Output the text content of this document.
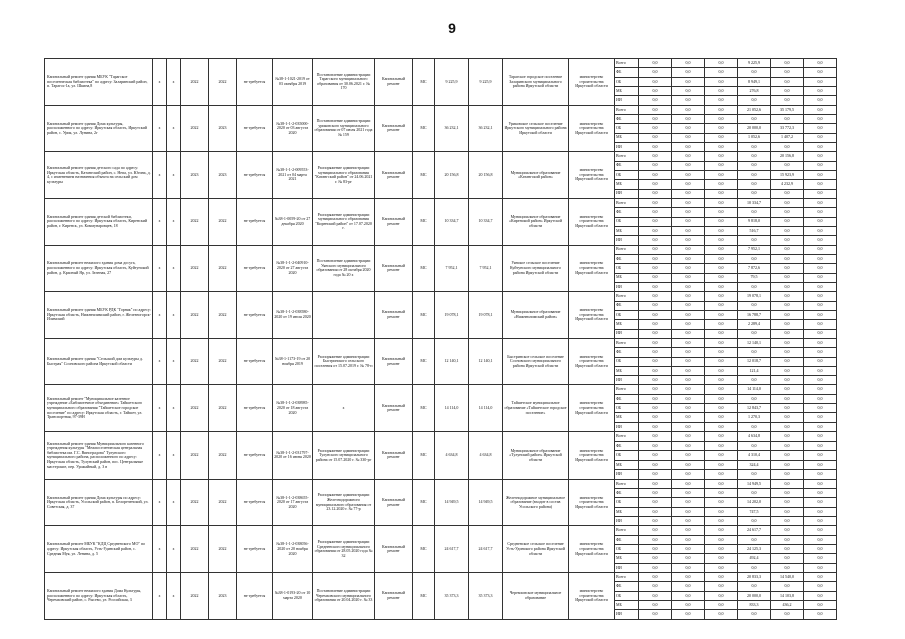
9
Капитальный ремонт здания МБУК "Тарагское поселенческая библиотека" по адресу: Заларинский район, п. Тарагсь-1а, ул. Шкина,8	х	х	2022	2022	не требуется	№38-1-1021-2019 от 03 октября 2019	Постановление администрации Тарагского муниципального образования от 30.06.2021 г. № 170	Капитальный ремонт	МС	9 225,9	9 225,9	Тарагское городское поселение Заларинского муниципального района Иркутской области	министерство строительства Иркутской области	Всего	0,0	0,0	0,0	9 225,9	0,0	0,0
														ФБ	0,0	0,0	0,0	0,0	0,0	0,0
														ОБ	0,0	0,0	0,0	8 949,1	0,0	0,0
														МБ	0,0	0,0	0,0	276,8	0,0	0,0
														ИИ	0,0	0,0	0,0	0,0	0,0	0,0
Капитальный ремонт здания Дома культуры, расположенного по адресу: Иркутская область, Иркутский район, с. Урик, ул. Лунина, 2г	х	х	2022	2023	не требуется	№38-1-1-2-035000-2020 от 03 августа 2020	Постановление администрации уриковского муниципального образования от 07 июля 2021 года № 159	Капитальный ремонт	МС	36 232,1	36 232,1	Уриковское сельское поселение Иркутского муниципального района Иркутской области	министерство строительства Иркутской области	Всего	0,0	0,0	0,0	21 052,6	35 179,5	0,0
														ФБ	0,0	0,0	0,0	0,0	0,0	0,0
														ОБ	0,0	0,0	0,0	20 000,0	33 772,3	0,0
														МБ	0,0	0,0	0,0	1 052,6	1 407,2	0,0
														ИИ	0,0	0,0	0,0	0,0	0,0	0,0
Капитальный ремонт здания детского сада по адресу: Иркутская область, Катангский район, с. Непа, ул. Югина, д. 4, с изменением назначения объекта на сельский дом культуры	х	х	2023	2023	не требуется	№38-1-1-2-009553-2021 от 04 марта 2021	Распоряжение администрации муниципального образования "Катангский район" от 24.06.2021 г. № 83-рг	Капитальный ремонт	МС	20 156,8	20 156,8	Муниципальное образование «Катангский район»	министерство строительства Иркутской области	Всего	0,0	0,0	0,0	0,0	20 156,8	0,0
														ФБ	0,0	0,0	0,0	0,0	0,0	0,0
														ОБ	0,0	0,0	0,0	0,0	15 923,9	0,0
														МБ	0,0	0,0	0,0	0,0	4 232,9	0,0
														ИИ	0,0	0,0	0,0	0,0	0,0	0,0
Капитальный ремонт здания детской библиотеки, расположенного по адресу: Иркутская область, Киренский район, г. Киренск, ул. Коммунаровцев, 18	х	х	2022	2022	не требуется	№38-1-0059-20 от 27 декабря 2020	Распоряжение администрации муниципального образования "Киренский район" от 17.07.2020 г.	Капитальный ремонт	МС	10 334,7	10 334,7	Муниципальное образование «Киренский район» Иркутской области	министерство строительства Иркутской области	Всего	0,0	0,0	0,0	10 334,7	0,0	0,0
														ФБ	0,0	0,0	0,0	0,0	0,0	0,0
														ОБ	0,0	0,0	0,0	9 818,0	0,0	0,0
														МБ	0,0	0,0	0,0	516,7	0,0	0,0
														ИИ	0,0	0,0	0,0	0,0	0,0	0,0
Капитальный ремонт нежилого здания дома досуга, расположенного по адресу: Иркутская область, Куйтунский район, д. Красный Яр, ул. Зеленая, 27	х	х	2022	2022	не требуется	№38-1-1-2-040910-2020 от 27 августа 2020	Постановление администрации Уянского муниципального образования от 28 октября 2020 года № 20 х	Капитальный ремонт	МС	7 952,1	7 952,1	Уянское сельское поселение Куйтунского муниципального района Иркутской области	министерство строительства Иркутской области	Всего	0,0	0,0	0,0	7 952,1	0,0	0,0
														ФБ	0,0	0,0	0,0	0,0	0,0	0,0
														ОБ	0,0	0,0	0,0	7 872,6	0,0	0,0
														МБ	0,0	0,0	0,0	79,5	0,0	0,0
														ИИ	0,0	0,0	0,0	0,0	0,0	0,0
Капитальный ремонт здания МБУК РДК "Горняк" по адресу: Иркутская область, Нижнеилимский район, г. Железногорск-Илимский	х	х	2022	2022	не требуется	№38-1-1-2-038580-2020 от 19 июля 2020		Капитальный ремонт	МС	19 078,1	19 078,1	Муниципальное образование «Нижнеилимский район»	министерство строительства Иркутской области	Всего	0,0	0,0	0,0	19 078,1	0,0	0,0
														ФБ	0,0	0,0	0,0	0,0	0,0	0,0
														ОБ	0,0	0,0	0,0	16 788,7	0,0	0,0
														МБ	0,0	0,0	0,0	2 289,4	0,0	0,0
														ИИ	0,0	0,0	0,0	0,0	0,0	0,0
Капитальный ремонт здания "Сельский дом культуры д. Быстрая" Сосновского района Иркутской области	х	х	2022	2022	не требуется	№38-1-1173-19 от 20 ноября 2019	Распоряжение администрации Быстринского сельского поселения от 15.07.2019 г. № 78-п	Капитальный ремонт	МС	12 140,1	12 140,1	Быстринское сельское поселение Сосновского муниципального района Иркутской области	министерство строительства Иркутской области	Всего	0,0	0,0	0,0	12 140,1	0,0	0,0
														ФБ	0,0	0,0	0,0	0,0	0,0	0,0
														ОБ	0,0	0,0	0,0	12 018,7	0,0	0,0
														МБ	0,0	0,0	0,0	121,4	0,0	0,0
														ИИ	0,0	0,0	0,0	0,0	0,0	0,0
Капитальный ремонт "Муниципальное казенное учреждение «Библиотечное объединение» Тайшетского муниципального образования "Тайшетское городское поселение" по адресу: Иркутская область, г. Тайшет, ул. Транспортная, 97-39Н	х	х	2022	2022	не требуется	№38-1-1-2-038985-2020 от 18 августа 2020	х	Капитальный ремонт	МС	14 114,0	14 114,0	Тайшетское муниципальное образование «Тайшетское городское поселение»	министерство строительства Иркутской области	Всего	0,0	0,0	0,0	14 114,0	0,0	0,0
														ФБ	0,0	0,0	0,0	0,0	0,0	0,0
														ОБ	0,0	0,0	0,0	12 843,7	0,0	0,0
														МБ	0,0	0,0	0,0	1 270,3	0,0	0,0
														ИИ	0,0	0,0	0,0	0,0	0,0	0,0
Капитальный ремонт здания Муниципального казенного учреждения культуры "Межпоселенческая центральная библиотека им. Г.С. Виноградова" Тулунского муниципального района, расположенного по адресу: Иркутская область, Тулунский район, пос. Центральные мастерские, пер. Урожайный, д. 3 в	х	х	2022	2022	не требуется	№38-1-1-2-031797-2020 от 16 июня 2020	Распоряжение администрации Тулунского муниципального района от 15.07.2020 г. № 330-рг	Капитальный ремонт	МС	4 634,8	4 634,8	Муниципальное образование «Тулунский район» Иркутской области	министерство строительства Иркутской области	Всего	0,0	0,0	0,0	4 634,8	0,0	0,0
														ФБ	0,0	0,0	0,0	0,0	0,0	0,0
														ОБ	0,0	0,0	0,0	4 310,4	0,0	0,0
														МБ	0,0	0,0	0,0	324,4	0,0	0,0
														ИИ	0,0	0,0	0,0	0,0	0,0	0,0
Капитальный ремонт здания Дома культуры по адресу: Иркутская область, Усольский район, п. Белореченский, ул. Советская, д. 37	х	х	2022	2022	не требуется	№38-1-1-2-038655-2020 от 17 августа 2020	Распоряжение администрации Железнодорожного муниципального образования от 23.12.2020 г. № 77-р	Капитальный ремонт	МС	14 949,5	14 949,5	Железнодорожное муниципальное образование (входит в состав Усольского района)	министерство строительства Иркутской области	Всего	0,0	0,0	0,0	14 949,5	0,0	0,0
														ФБ	0,0	0,0	0,0	0,0	0,0	0,0
														ОБ	0,0	0,0	0,0	14 202,0	0,0	0,0
														МБ	0,0	0,0	0,0	747,5	0,0	0,0
														ИИ	0,0	0,0	0,0	0,0	0,0	0,0
Капитальный ремонт МБУК "КДЦ Средненского МО" по адресу: Иркутская область, Усть-Удинский район, с. Средняя Муя, ул. Ленина, д. 5	х	х	2022	2022	не требуется	№38-1-1-2-038056-2020 от 20 ноября 2020	Распоряжение администрации Средненского муниципального образования от 28.05.2020 года № 32	Капитальный ремонт	МС	24 617,7	24 617,7	Средненское сельское поселение Усть-Удинского района Иркутской области	министерство строительства Иркутской области	Всего	0,0	0,0	0,0	24 617,7	0,0	0,0
														ФБ	0,0	0,0	0,0	0,0	0,0	0,0
														ОБ	0,0	0,0	0,0	24 125,3	0,0	0,0
														МБ	0,0	0,0	0,0	492,4	0,0	0,0
														ИИ	0,0	0,0	0,0	0,0	0,0	0,0
Капитальный ремонт нежилого здания Дома Культуры, расположенного по адресу: Иркутская область, Черемховский район, с. Рысево, ул. Российская, 3	х	х	2022	2023	не требуется	№38-1-0193-20 от 10 марта 2020	Постановление администрации Черемховского муниципального образования от 20.04.2020 г. № 33	Капитальный ремонт	МС	35 373,3	35 373,3	Черемховское муниципальное образование	министерство строительства Иркутской области	Всего	0,0	0,0	0,0	20 833,3	14 540,0	0,0
														ФБ	0,0	0,0	0,0	0,0	0,0	0,0
														ОБ	0,0	0,0	0,0	20 000,0	14 103,8	0,0
														МБ	0,0	0,0	0,0	833,3	436,2	0,0
														ИИ	0,0	0,0	0,0	0,0	0,0	0,0
